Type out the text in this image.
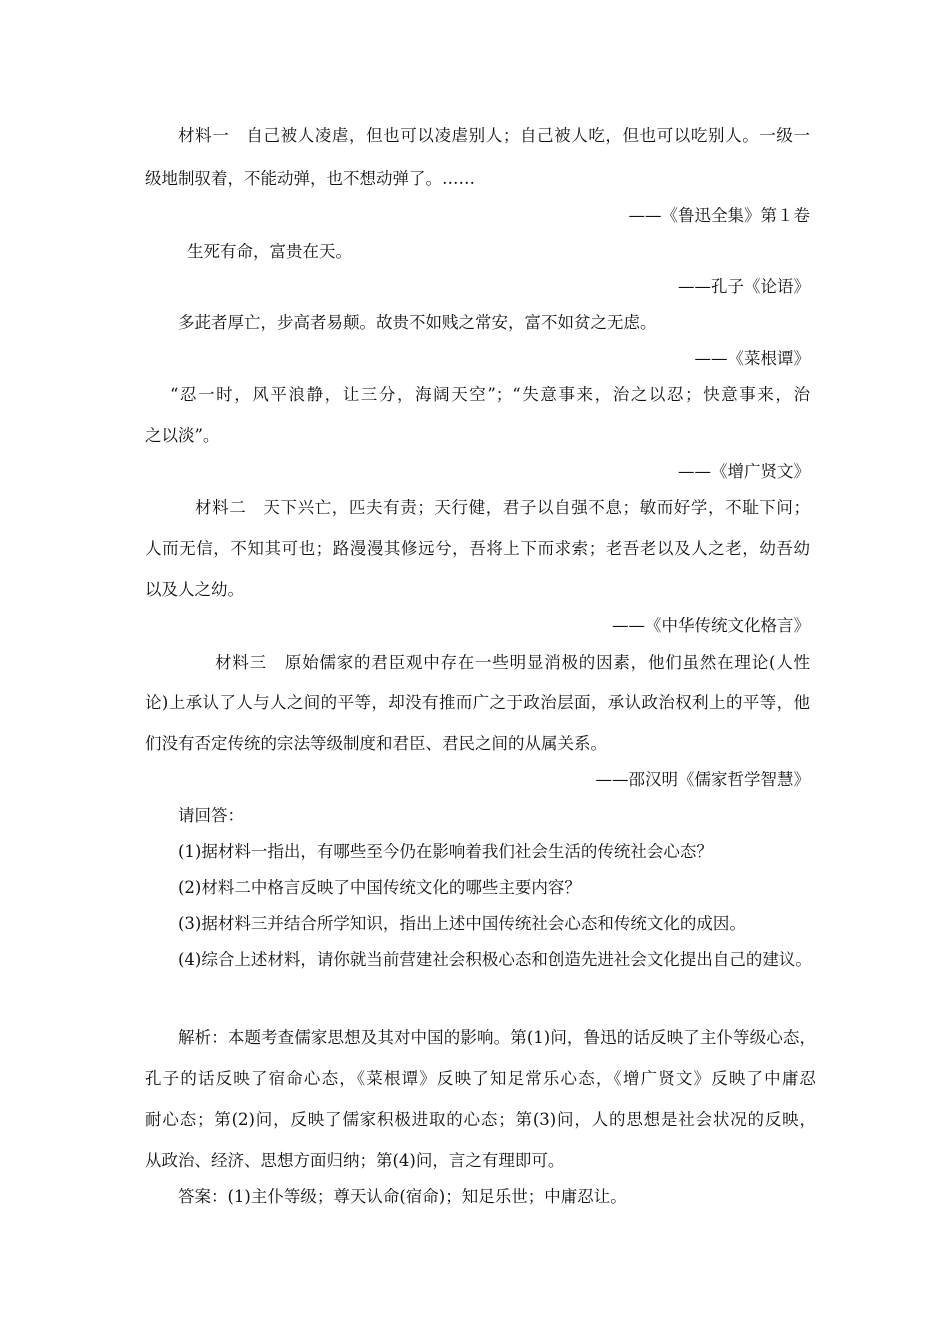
材料一　自己被人凌虐，但也可以凌虐别人；自己被人吃，但也可以吃别人。一级一
级地制驭着，不能动弹，也不想动弹了。……
——《鲁迅全集》第１卷
生死有命，富贵在天。
——孔子《论语》
多茈者厚亡，步高者易颠。故贵不如贱之常安，富不如贫之无虑。
——《菜根谭》
“忍一时，风平浪静，让三分，海阔天空”；“失意事来，治之以忍；快意事来，治
之以淡”。
——《增广贤文》
材料二　天下兴亡，匹夫有责；天行健，君子以自强不息；敏而好学，不耻下问；
人而无信，不知其可也；路漫漫其修远兮，吾将上下而求索；老吾老以及人之老，幼吾幼
以及人之幼。
——《中华传统文化格言》
材料三 原始儒家的君臣观中存在一些明显消极的因素，他们虽然在理论(人性
论)上承认了人与人之间的平等，却没有推而广之于政治层面，承认政治权利上的平等，他
们没有否定传统的宗法等级制度和君臣、君民之间的从属关系。
——邵汉明《儒家哲学智慧》
请回答：
(1)据材料一指出，有哪些至今仍在影响着我们社会生活的传统社会心态？
(2)材料二中格言反映了中国传统文化的哪些主要内容？
(3)据材料三并结合所学知识，指出上述中国传统社会心态和传统文化的成因。
(4)综合上述材料，请你就当前营建社会积极心态和创造先进社会文化提出自己的建议。
解析：本题考查儒家思想及其对中国的影响。第(1)问，鲁迅的话反映了主仆等级心态，
孔子的话反映了宿命心态，《菜根谭》反映了知足常乐心态，《增广贤文》反映了中庸忍
耐心态；第(2)问，反映了儒家积极进取的心态；第(3)问，人的思想是社会状况的反映，
从政治、经济、思想方面归纳；第(4)问，言之有理即可。
答案：(1)主仆等级；尊天认命(宿命)；知足乐世；中庸忍让。
